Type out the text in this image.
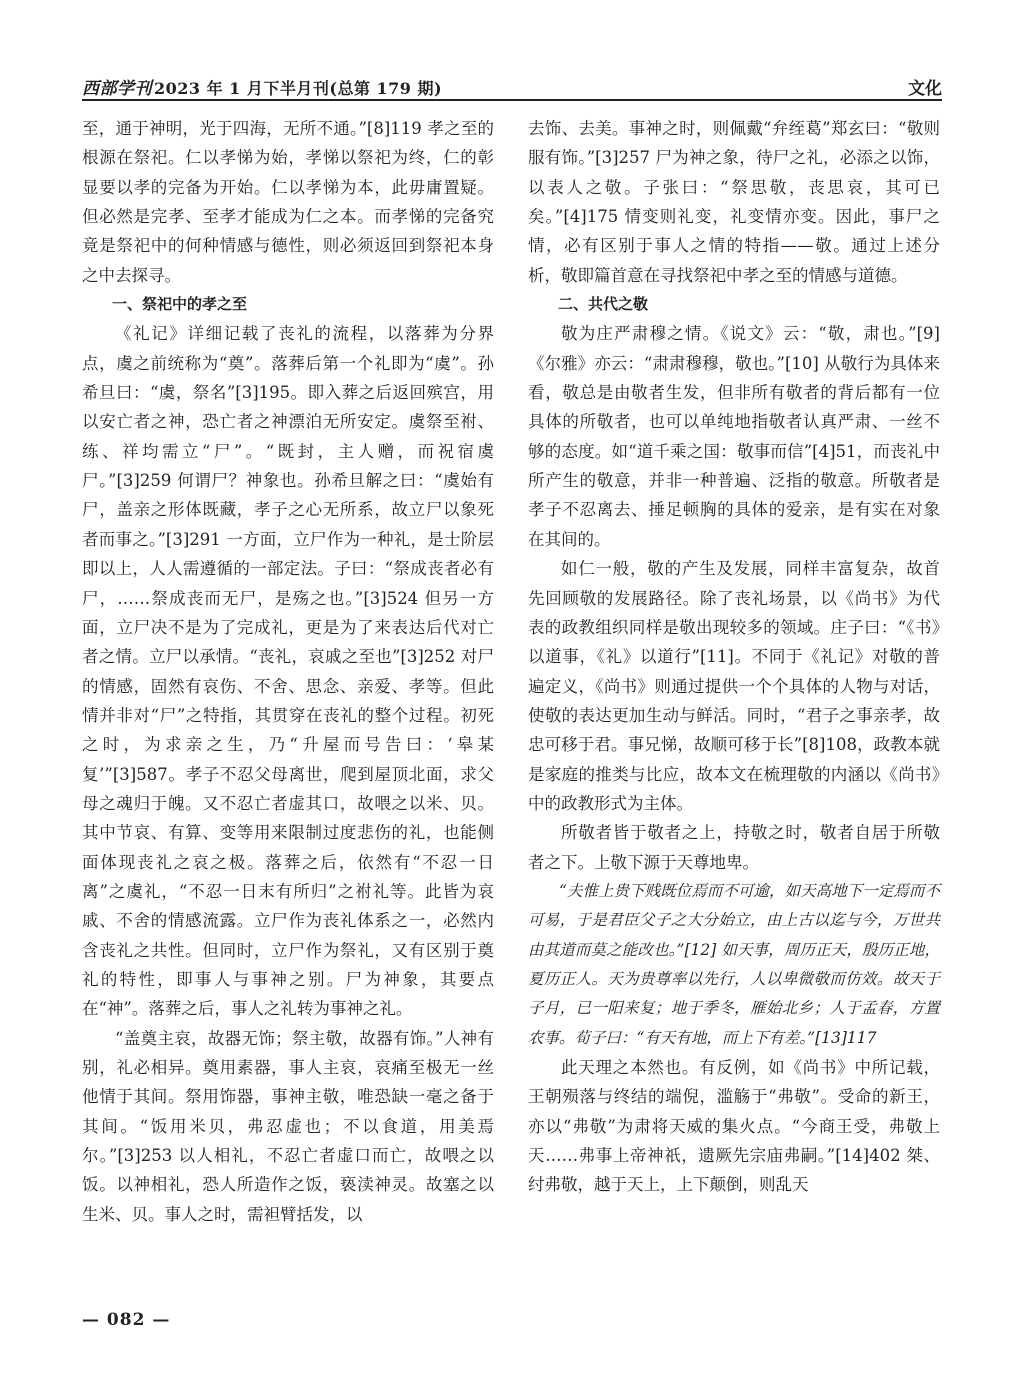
西部学刊 2023 年 1 月下半月刊(总第 179 期)	文化

至，通于神明，光于四海，无所不通。”[8]119 孝之至的根源在祭祀。仁以孝悌为始，孝悌以祭祀为终，仁的彰显要以孝的完备为开始。仁以孝悌为本，此毋庸置疑。但必然是完孝、至孝才能成为仁之本。而孝悌的完备究竟是祭祀中的何种情感与德性，则必须返回到祭祀本身之中去探寻。

一、祭祀中的孝之至

《礼记》详细记载了丧礼的流程，以落葬为分界点，虞之前统称为“奠”。落葬后第一个礼即为“虞”。孙希旦曰：“虞，祭名”[3]195。即入葬之后返回殡宫，用以安亡者之神，恐亡者之神漂泊无所安定。虞祭至祔、练、祥均需立“尸”。“既封，主人赠，而祝宿虞尸。”[3]259 何谓尸？神象也。孙希旦解之曰：“虞始有尸，盖亲之形体既藏，孝子之心无所系，故立尸以象死者而事之。”[3]291 一方面，立尸作为一种礼，是士阶层即以上，人人需遵循的一部定法。子曰：“祭成丧者必有尸，……祭成丧而无尸，是殇之也。”[3]524 但另一方面，立尸决不是为了完成礼，更是为了来表达后代对亡者之情。立尸以承情。“丧礼，哀戚之至也”[3]252 对尸的情感，固然有哀伤、不舍、思念、亲爱、孝等。但此情并非对“尸”之特指，其贯穿在丧礼的整个过程。初死之时，为求亲之生，乃“升屋而号告曰：‘皋某复’”[3]587。孝子不忍父母离世，爬到屋顶北面，求父母之魂归于魄。又不忍亡者虚其口，故喂之以米、贝。其中节哀、有算、变等用来限制过度悲伤的礼，也能侧面体现丧礼之哀之极。落葬之后，依然有“不忍一日离”之虞礼，“不忍一日末有所归”之祔礼等。此皆为哀戚、不舍的情感流露。立尸作为丧礼体系之一，必然内含丧礼之共性。但同时，立尸作为祭礼，又有区别于奠礼的特性，即事人与事神之别。尸为神象，其要点在“神”。落葬之后，事人之礼转为事神之礼。

“盖奠主哀，故器无饰；祭主敬，故器有饰。”人神有别，礼必相异。奠用素器，事人主哀，哀痛至极无一丝他情于其间。祭用饰器，事神主敬，唯恐缺一毫之备于其间。“饭用米贝，弗忍虚也；不以食道，用美焉尔。”[3]253 以人相礼，不忍亡者虚口而亡，故喂之以饭。以神相礼，恐人所造作之饭，亵渎神灵。故塞之以生米、贝。事人之时，需袒臂括发，以

去饰、去美。事神之时，则佩戴“弁绖葛”郑玄曰：“敬则服有饰。”[3]257 尸为神之象，待尸之礼，必添之以饰，以表人之敬。子张曰：“祭思敬，丧思哀，其可已矣。”[4]175 情变则礼变，礼变情亦变。因此，事尸之情，必有区别于事人之情的特指——敬。通过上述分析，敬即篇首意在寻找祭祀中孝之至的情感与道德。

二、共代之敬

敬为庄严肃穆之情。《说文》云：“敬，肃也。”[9]《尔雅》亦云：“肃肃穆穆，敬也。”[10] 从敬行为具体来看，敬总是由敬者生发，但非所有敬者的背后都有一位具体的所敬者，也可以单纯地指敬者认真严肃、一丝不够的态度。如“道千乘之国：敬事而信”[4]51，而丧礼中所产生的敬意，并非一种普遍、泛指的敬意。所敬者是孝子不忍离去、捶足顿胸的具体的爱亲，是有实在对象在其间的。

如仁一般，敬的产生及发展，同样丰富复杂，故首先回顾敬的发展路径。除了丧礼场景，以《尚书》为代表的政教组织同样是敬出现较多的领域。庄子曰：“《书》以道事，《礼》以道行”[11]。不同于《礼记》对敬的普遍定义，《尚书》则通过提供一个个具体的人物与对话，使敬的表达更加生动与鲜活。同时，“君子之事亲孝，故忠可移于君。事兄悌，故顺可移于长”[8]108，政教本就是家庭的推类与比应，故本文在梳理敬的内涵以《尚书》中的政教形式为主体。

所敬者皆于敬者之上，持敬之时，敬者自居于所敬者之下。上敬下源于天尊地卑。

“夫惟上贵下贱既位焉而不可逾，如天高地下一定焉而不可易，于是君臣父子之大分始立，由上古以迄与今，万世共由其道而莫之能改也。”[12] 如天事，周历正天，殷历正地，夏历正人。天为贵尊率以先行，人以卑微敬而仿效。故天于子月，已一阳来复；地于季冬，雁始北乡；人于孟春，方置农事。荀子曰：“有天有地，而上下有差。”[13]117

此天理之本然也。有反例，如《尚书》中所记载，王朝殒落与终结的端倪，滥觞于“弗敬”。受命的新王，亦以“弗敬”为肃将天威的集火点。“今商王受，弗敬上天……弗事上帝神祇，遗厥先宗庙弗嗣。”[14]402 桀、纣弗敬，越于天上，上下颠倒，则乱天

— 082 —
